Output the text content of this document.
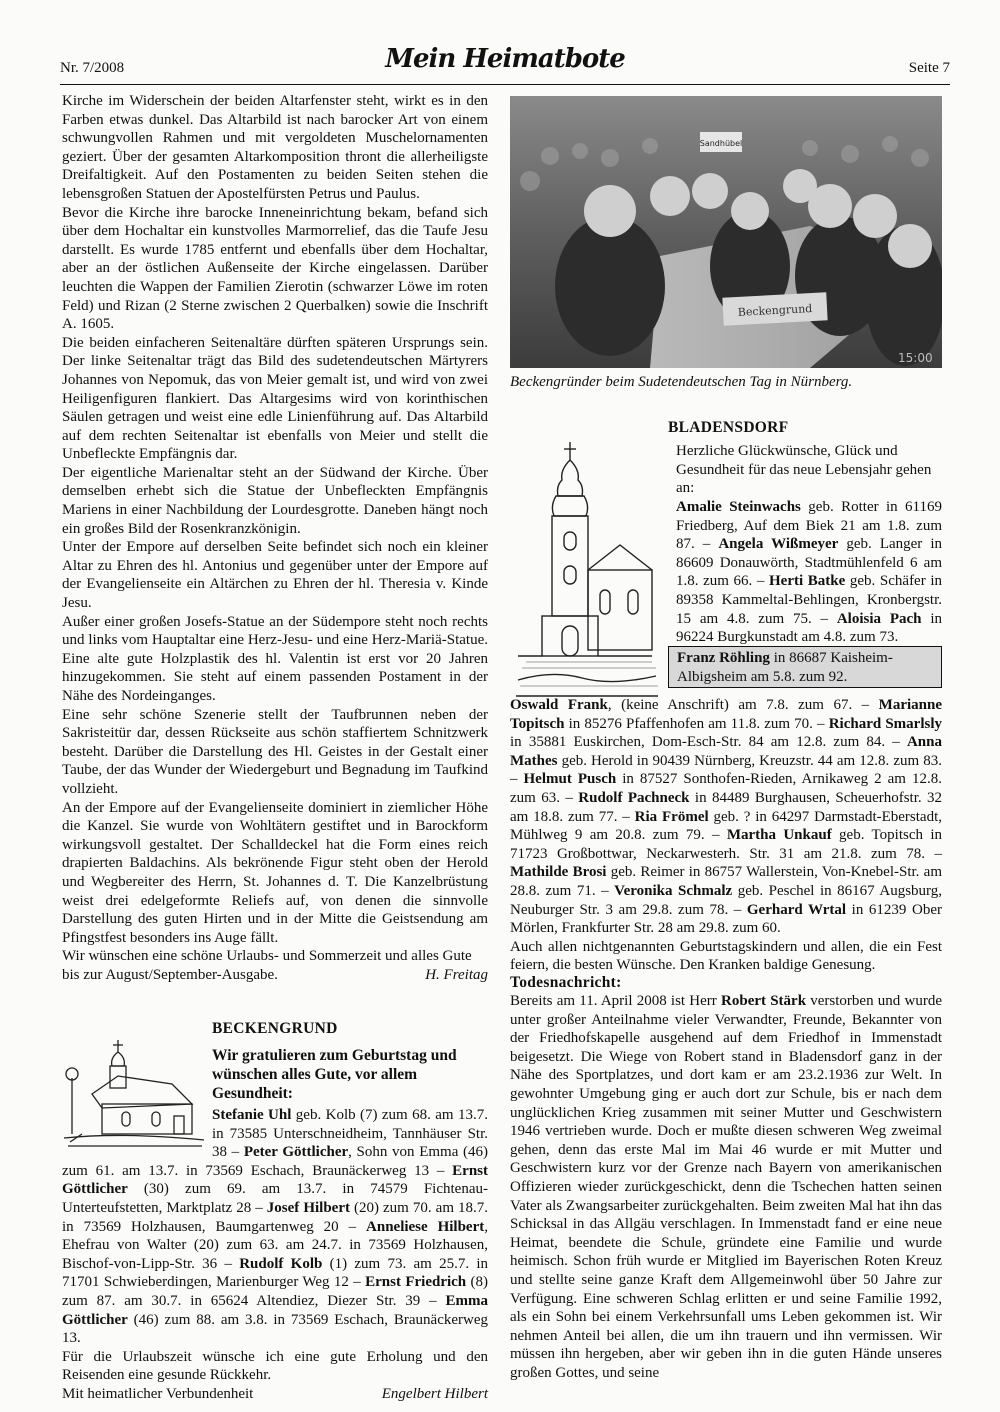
Nr. 7/2008	Mein Heimatbote	Seite 7

Kirche im Widerschein der beiden Altarfenster steht, wirkt es in den Farben etwas dunkel. Das Altarbild ist nach barocker Art von einem schwungvollen Rahmen und mit vergoldeten Muschelornamenten geziert. Über der gesamten Altarkomposition thront die allerheiligste Dreifaltigkeit. Auf den Postamenten zu beiden Seiten stehen die lebensgroßen Statuen der Apostelfürsten Petrus und Paulus.

Bevor die Kirche ihre barocke Inneneinrichtung bekam, befand sich über dem Hochaltar ein kunstvolles Marmorrelief, das die Taufe Jesu darstellt. Es wurde 1785 entfernt und ebenfalls über dem Hochaltar, aber an der östlichen Außenseite der Kirche eingelassen. Darüber leuchten die Wappen der Familien Zierotin (schwarzer Löwe im roten Feld) und Rizan (2 Sterne zwischen 2 Querbalken) sowie die Inschrift A. 1605.

Die beiden einfacheren Seitenaltäre dürften späteren Ursprungs sein. Der linke Seitenaltar trägt das Bild des sudetendeutschen Märtyrers Johannes von Nepomuk, das von Meier gemalt ist, und wird von zwei Heiligenfiguren flankiert. Das Altargesims wird von korinthischen Säulen getragen und weist eine edle Linienführung auf. Das Altarbild auf dem rechten Seitenaltar ist ebenfalls von Meier und stellt die Unbefleckte Empfängnis dar.

Der eigentliche Marienaltar steht an der Südwand der Kirche. Über demselben erhebt sich die Statue der Unbefleckten Empfängnis Mariens in einer Nachbildung der Lourdesgrotte. Daneben hängt noch ein großes Bild der Rosenkranzkönigin.

Unter der Empore auf derselben Seite befindet sich noch ein kleiner Altar zu Ehren des hl. Antonius und gegenüber unter der Empore auf der Evangelienseite ein Altärchen zu Ehren der hl. Theresia v. Kinde Jesu.

Außer einer großen Josefs-Statue an der Südempore steht noch rechts und links vom Hauptaltar eine Herz-Jesu- und eine Herz-Mariä-Statue. Eine alte gute Holzplastik des hl. Valentin ist erst vor 20 Jahren hinzugekommen. Sie steht auf einem passenden Postament in der Nähe des Nordeinganges.

Eine sehr schöne Szenerie stellt der Taufbrunnen neben der Sakristeitür dar, dessen Rückseite aus schön staffiertem Schnitzwerk besteht. Darüber die Darstellung des Hl. Geistes in der Gestalt einer Taube, der das Wunder der Wiedergeburt und Begnadung im Taufkind vollzieht.

An der Empore auf der Evangelienseite dominiert in ziemlicher Höhe die Kanzel. Sie wurde von Wohltätern gestiftet und in Barockform wirkungsvoll gestaltet. Der Schalldeckel hat die Form eines reich drapierten Baldachins. Als bekrönende Figur steht oben der Herold und Wegbereiter des Herrn, St. Johannes d. T. Die Kanzelbrüstung weist drei edelgeformte Reliefs auf, von denen die sinnvolle Darstellung des guten Hirten und in der Mitte die Geistsendung am Pfingstfest besonders ins Auge fällt.

Wir wünschen eine schöne Urlaubs- und Sommerzeit und alles Gute

bis zur August/September-Ausgabe.	H. Freitag
Sandhübel
Beckengrund
15:00
Beckengründer beim Sudetendeutschen Tag in Nürnberg.
BLADENSDORF
Herzliche Glückwünsche, Glück und Gesundheit für das neue Lebensjahr gehen an:
Amalie Steinwachs geb. Rotter in 61169 Friedberg, Auf dem Biek 21 am 1.8. zum 87. – Angela Wißmeyer geb. Langer in 86609 Donauwörth, Stadtmühlenfeld 6 am 1.8. zum 66. – Herti Batke geb. Schäfer in 89358 Kammeltal-Behlingen, Kronbergstr. 15 am 4.8. zum 75. – Aloisia Pach in 96224 Burgkunstadt am 4.8. zum 73.
Franz Röhling in 86687 Kaisheim-Albigsheim am 5.8. zum 92.
Oswald Frank, (keine Anschrift) am 7.8. zum 67. – Marianne Topitsch in 85276 Pfaffenhofen am 11.8. zum 70. – Richard Smarlsly in 35881 Euskirchen, Dom-Esch-Str. 84 am 12.8. zum 84. – Anna Mathes geb. Herold in 90439 Nürnberg, Kreuzstr. 44 am 12.8. zum 83. – Helmut Pusch in 87527 Sonthofen-Rieden, Arnikaweg 2 am 12.8. zum 63. – Rudolf Pachneck in 84489 Burghausen, Scheuerhofstr. 32 am 18.8. zum 77. – Ria Frömel geb. ? in 64297 Darmstadt-Eberstadt, Mühlweg 9 am 20.8. zum 79. – Martha Unkauf geb. Topitsch in 71723 Großbottwar, Neckarwesterh. Str. 31 am 21.8. zum 78. – Mathilde Brosi geb. Reimer in 86757 Wallerstein, Von-Knebel-Str. am 28.8. zum 71. – Veronika Schmalz geb. Peschel in 86167 Augsburg, Neuburger Str. 3 am 29.8. zum 78. – Gerhard Wrtal in 61239 Ober Mörlen, Frankfurter Str. 28 am 29.8. zum 60.
Auch allen nichtgenannten Geburtstagskindern und allen, die ein Fest feiern, die besten Wünsche. Den Kranken baldige Genesung.
Todesnachricht:
Bereits am 11. April 2008 ist Herr Robert Stärk verstorben und wurde unter großer Anteilnahme vieler Verwandter, Freunde, Bekannter von der Friedhofskapelle ausgehend auf dem Friedhof in Immenstadt beigesetzt. Die Wiege von Robert stand in Bladensdorf ganz in der Nähe des Sportplatzes, und dort kam er am 23.2.1936 zur Welt. In gewohnter Umgebung ging er auch dort zur Schule, bis er nach dem unglücklichen Krieg zusammen mit seiner Mutter und Geschwistern 1946 vertrieben wurde. Doch er mußte diesen schweren Weg zweimal gehen, denn das erste Mal im Mai 46 wurde er mit Mutter und Geschwistern kurz vor der Grenze nach Bayern von amerikanischen Offizieren wieder zurückgeschickt, denn die Tschechen hatten seinen Vater als Zwangsarbeiter zurückgehalten. Beim zweiten Mal hat ihn das Schicksal in das Allgäu verschlagen. In Immenstadt fand er eine neue Heimat, beendete die Schule, gründete eine Familie und wurde heimisch. Schon früh wurde er Mitglied im Bayerischen Roten Kreuz und stellte seine ganze Kraft dem Allgemeinwohl über 50 Jahre zur Verfügung. Eine schweren Schlag erlitten er und seine Familie 1992, als ein Sohn bei einem Verkehrsunfall ums Leben gekommen ist. Wir nehmen Anteil bei allen, die um ihn trauern und ihn vermissen. Wir müssen ihn hergeben, aber wir geben ihn in die guten Hände unseres großen Gottes, und seine
BECKENGRUND
Wir gratulieren zum Geburtstag und wünschen alles Gute, vor allem Gesundheit:
Stefanie Uhl geb. Kolb (7) zum 68. am 13.7. in 73585 Unterschneidheim, Tannhäuser Str. 38 – Peter Göttlicher, Sohn von Emma (46) zum 61. am 13.7. in 73569 Eschach, Braunäckerweg 13 – Ernst Göttlicher (30) zum 69. am 13.7. in 74579 Fichtenau-Unterteufstetten, Marktplatz 28 – Josef Hilbert (20) zum 70. am 18.7. in 73569 Holzhausen, Baumgartenweg 20 – Anneliese Hilbert, Ehefrau von Walter (20) zum 63. am 24.7. in 73569 Holzhausen, Bischof-von-Lipp-Str. 36 – Rudolf Kolb (1) zum 73. am 25.7. in 71701 Schwieberdingen, Marienburger Weg 12 – Ernst Friedrich (8) zum 87. am 30.7. in 65624 Altendiez, Diezer Str. 39 – Emma Göttlicher (46) zum 88. am 3.8. in 73569 Eschach, Braunäckerweg 13.
Für die Urlaubszeit wünsche ich eine gute Erholung und den Reisenden eine gesunde Rückkehr.
Mit heimatlicher Verbundenheit	Engelbert Hilbert
